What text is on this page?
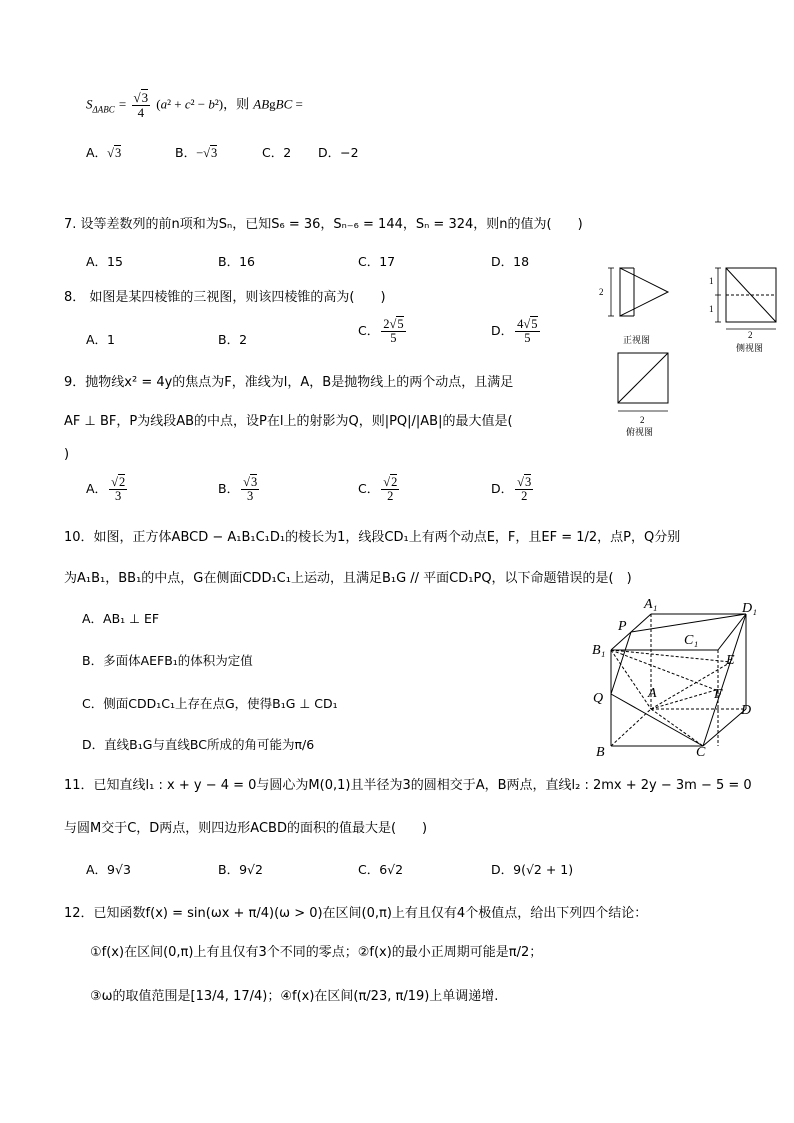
$S_{\Delta ABC} = \frac{√3}{4} (a^2 + c^2 - b^2)$，则 ABgBC =
A．√3	B．−√3	C．2 D．−2
7. 设等差数列的前n项和为Sₙ，已知S₆ = 36，Sₙ₋₆ = 144，Sₙ = 324，则n的值为(　　)
A．15	B．16	C．17	D．18
8． 如图是某四棱锥的三视图，则该四棱锥的高为(　　)
A．1	B．2
C． $\frac{2√5}{5}$	D． $\frac{4√5}{5}$
2
正视图
1
1
2
侧视图
2
俯视图
9．抛物线x² = 4y的焦点为F，准线为l，A，B是抛物线上的两个动点，且满足
AF ⊥ BF，P为线段AB的中点，设P在l上的射影为Q，则|PQ|/|AB|的最大值是(
)
A． $\frac{√2}{3}$	B． $\frac{√3}{3}$	C． $\frac{√2}{2}$	D． $\frac{√3}{2}$
10．如图，正方体ABCD − A₁B₁C₁D₁的棱长为1，线段CD₁上有两个动点E，F，且EF = 1/2，点P，Q分别
为A₁B₁，BB₁的中点，G在侧面CDD₁C₁上运动，且满足B₁G // 平面CD₁PQ，以下命题错误的是(　)
A．AB₁ ⊥ EF
B．多面体AEFB₁的体积为定值
C．侧面CDD₁C₁上存在点G，使得B₁G ⊥ CD₁
D．直线B₁G与直线BC所成的角可能为π/6
A₁	D₁
P
C₁
B₁
E
Q	A	F
D
B	C
11．已知直线l₁ : x + y − 4 = 0与圆心为M(0,1)且半径为3的圆相交于A，B两点，直线l₂ : 2mx + 2y − 3m − 5 = 0
与圆M交于C，D两点，则四边形ACBD的面积的值最大是(　　)
A．9√3	B．9√2	C．6√2	D．9(√2 + 1)
12．已知函数f(x) = sin(ωx + π/4)(ω > 0)在区间(0,π)上有且仅有4个极值点，给出下列四个结论：
①f(x)在区间(0,π)上有且仅有3个不同的零点；②f(x)的最小正周期可能是π/2；
③ω的取值范围是[13/4, 17/4)；④f(x)在区间(π/23, π/19)上单调递增.
